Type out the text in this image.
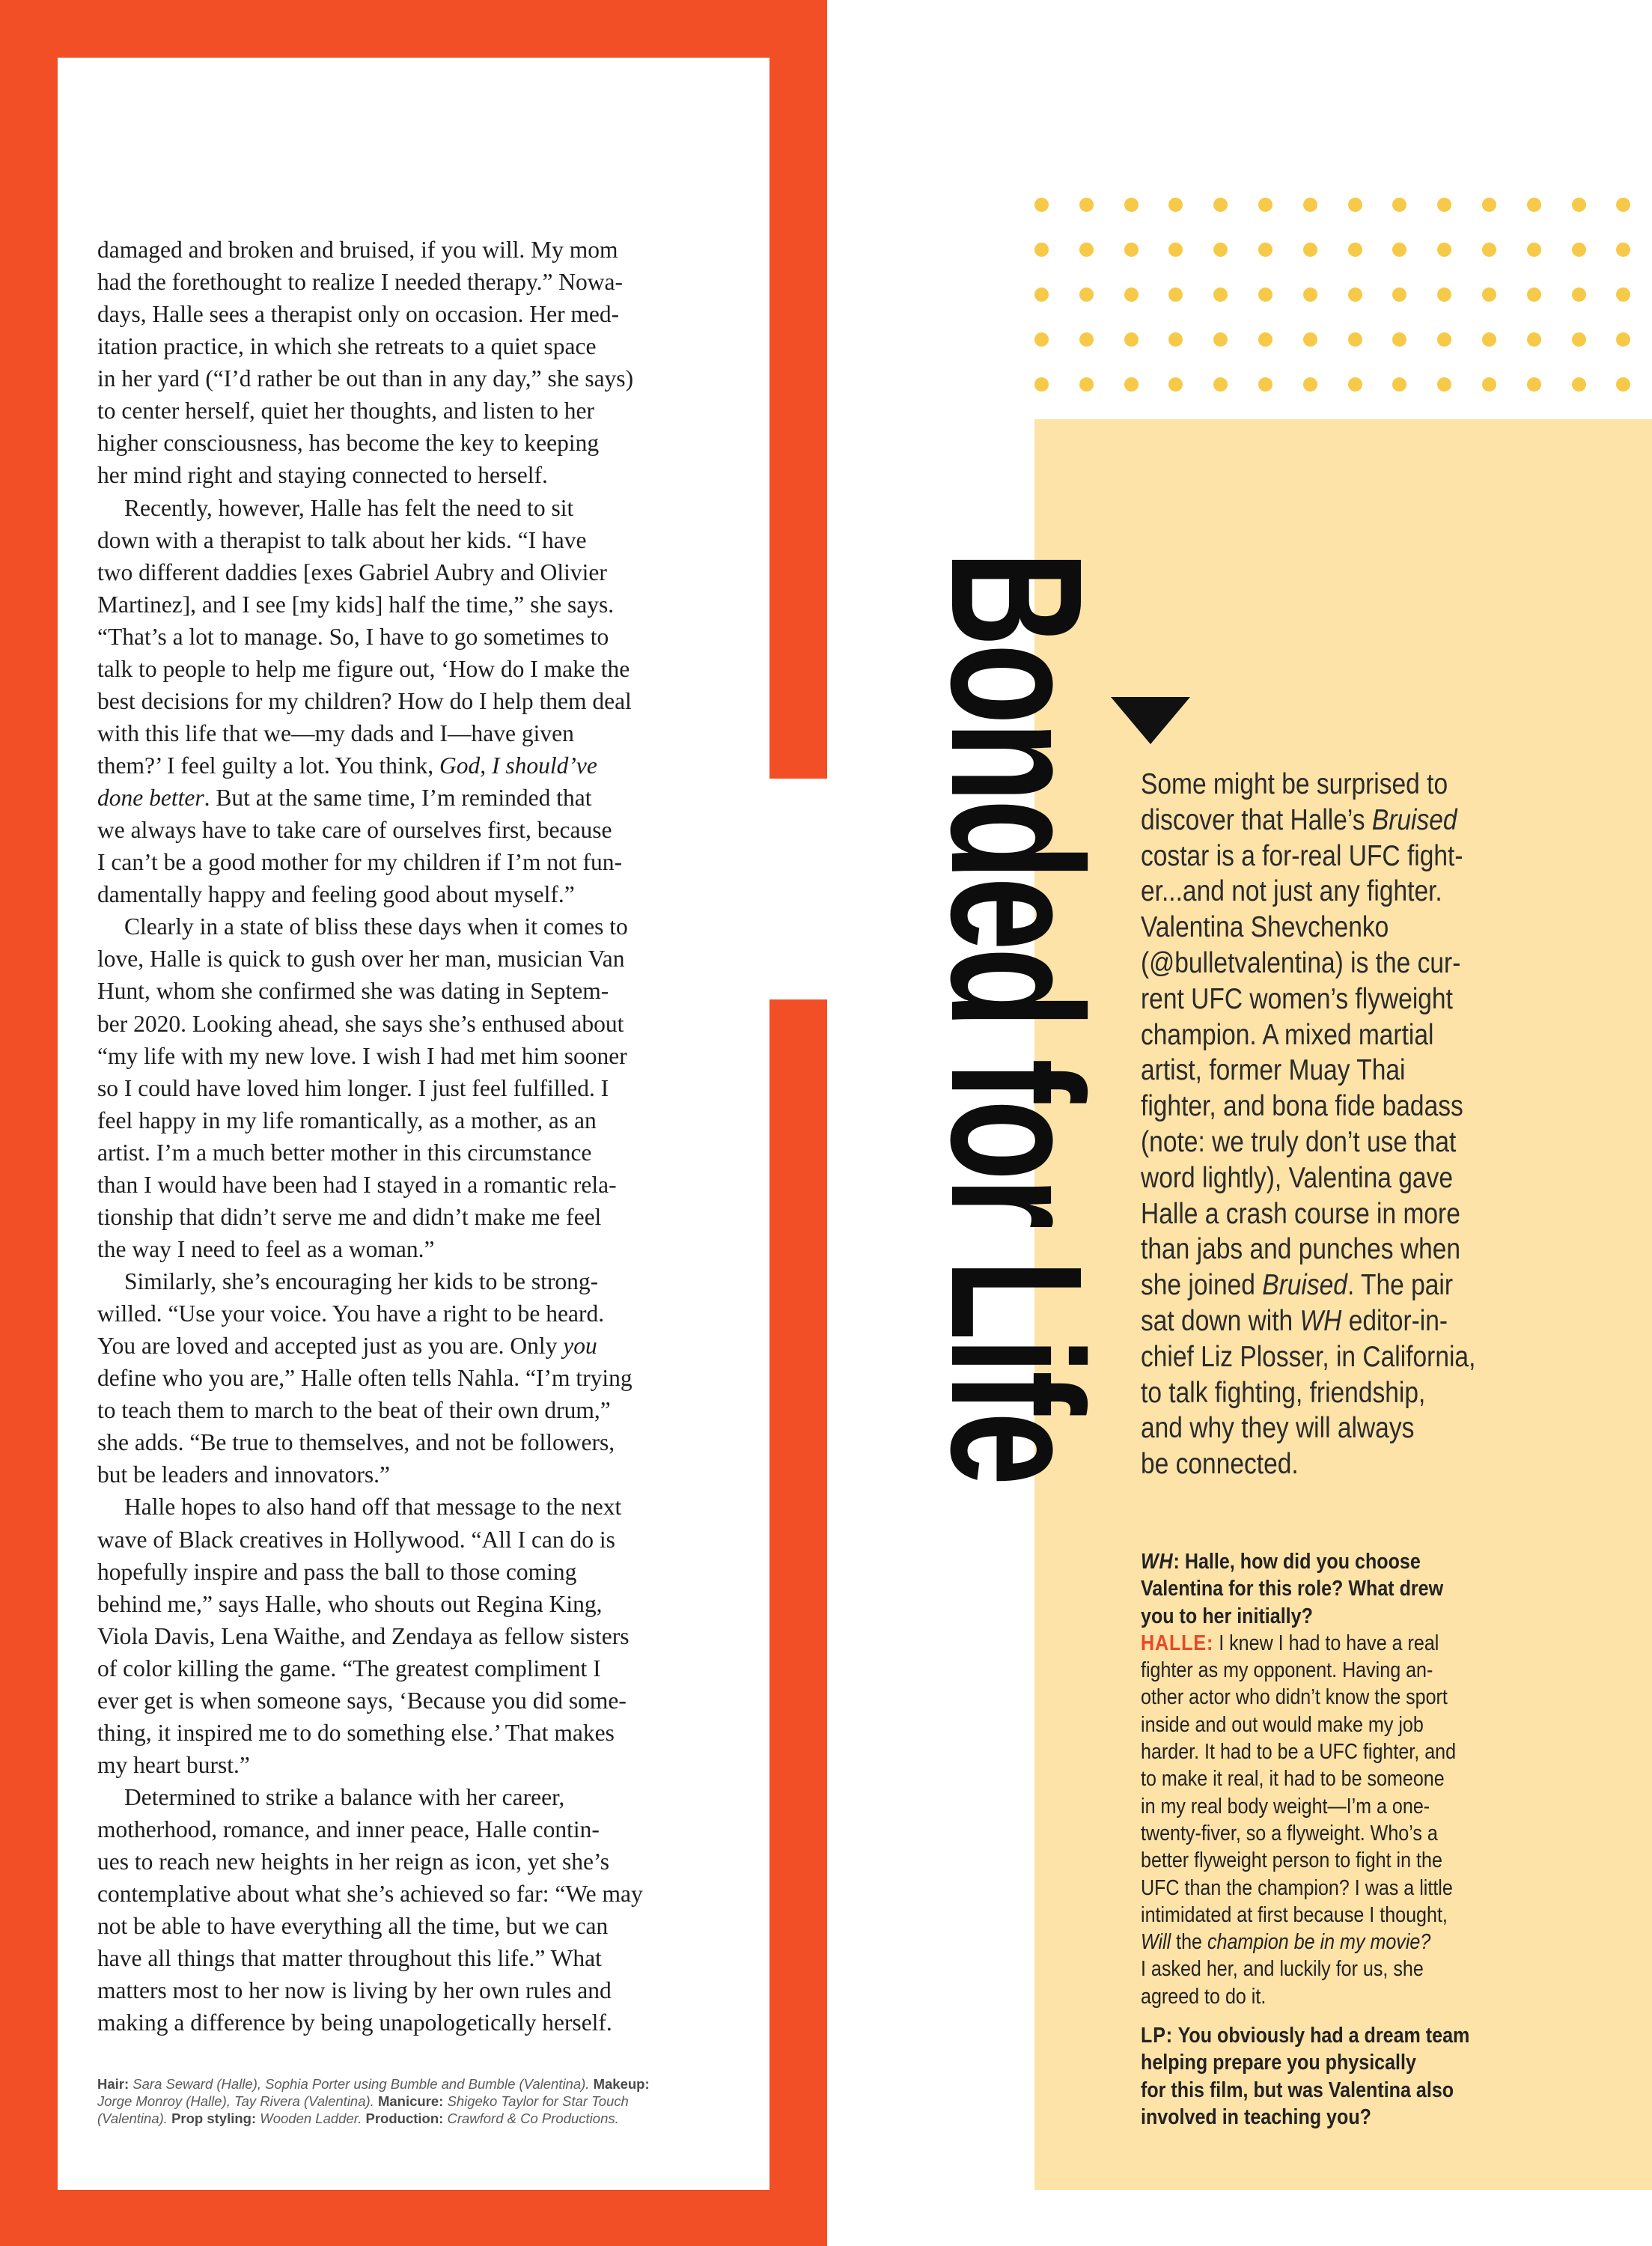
damaged and broken and bruised, if you will. My mom
had the forethought to realize I needed therapy.” Nowa-
days, Halle sees a therapist only on occasion. Her med-
itation practice, in which she retreats to a quiet space
in her yard (“I’d rather be out than in any day,” she says)
to center herself, quiet her thoughts, and listen to her
higher consciousness, has become the key to keeping
her mind right and staying connected to herself.
Recently, however, Halle has felt the need to sit
down with a therapist to talk about her kids. “I have
two different daddies [exes Gabriel Aubry and Olivier
Martinez], and I see [my kids] half the time,” she says.
“That’s a lot to manage. So, I have to go sometimes to
talk to people to help me figure out, ‘How do I make the
best decisions for my children? How do I help them deal
with this life that we—my dads and I—have given
them?’ I feel guilty a lot. You think, God, I should’ve
done better. But at the same time, I’m reminded that
we always have to take care of ourselves first, because
I can’t be a good mother for my children if I’m not fun-
damentally happy and feeling good about myself.”
Clearly in a state of bliss these days when it comes to
love, Halle is quick to gush over her man, musician Van
Hunt, whom she confirmed she was dating in Septem-
ber 2020. Looking ahead, she says she’s enthused about
“my life with my new love. I wish I had met him sooner
so I could have loved him longer. I just feel fulfilled. I
feel happy in my life romantically, as a mother, as an
artist. I’m a much better mother in this circumstance
than I would have been had I stayed in a romantic rela-
tionship that didn’t serve me and didn’t make me feel
the way I need to feel as a woman.”
Similarly, she’s encouraging her kids to be strong-
willed. “Use your voice. You have a right to be heard.
You are loved and accepted just as you are. Only you
define who you are,” Halle often tells Nahla. “I’m trying
to teach them to march to the beat of their own drum,”
she adds. “Be true to themselves, and not be followers,
but be leaders and innovators.”
Halle hopes to also hand off that message to the next
wave of Black creatives in Hollywood. “All I can do is
hopefully inspire and pass the ball to those coming
behind me,” says Halle, who shouts out Regina King,
Viola Davis, Lena Waithe, and Zendaya as fellow sisters
of color killing the game. “The greatest compliment I
ever get is when someone says, ‘Because you did some-
thing, it inspired me to do something else.’ That makes
my heart burst.”
Determined to strike a balance with her career,
motherhood, romance, and inner peace, Halle contin-
ues to reach new heights in her reign as icon, yet she’s
contemplative about what she’s achieved so far: “We may
not be able to have everything all the time, but we can
have all things that matter throughout this life.” What
matters most to her now is living by her own rules and
making a difference by being unapologetically herself.
Hair: Sara Seward (Halle), Sophia Porter using Bumble and Bumble (Valentina). Makeup:
Jorge Monroy (Halle), Tay Rivera (Valentina). Manicure: Shigeko Taylor for Star Touch
(Valentina). Prop styling: Wooden Ladder. Production: Crawford & Co Productions.
Bonded for Life Some might be surprised to
discover that Halle’s Bruised
costar is a for-real UFC fight-
er...and not just any fighter.
Valentina Shevchenko
(@bulletvalentina) is the cur-
rent UFC women’s flyweight
champion. A mixed martial
artist, former Muay Thai
fighter, and bona fide badass
(note: we truly don’t use that
word lightly), Valentina gave
Halle a crash course in more
than jabs and punches when
she joined Bruised. The pair
sat down with WH editor-in-
chief Liz Plosser, in California,
to talk fighting, friendship,
and why they will always
be connected.
WH: Halle, how did you choose
Valentina for this role? What drew
you to her initially?
HALLE: I knew I had to have a real
fighter as my opponent. Having an-
other actor who didn’t know the sport
inside and out would make my job
harder. It had to be a UFC fighter, and
to make it real, it had to be someone
in my real body weight—I’m a one-
twenty-fiver, so a flyweight. Who’s a
better flyweight person to fight in the
UFC than the champion? I was a little
intimidated at first because I thought,
Will the champion be in my movie?
I asked her, and luckily for us, she
agreed to do it.
LP: You obviously had a dream team
helping prepare you physically
for this film, but was Valentina also
involved in teaching you?
